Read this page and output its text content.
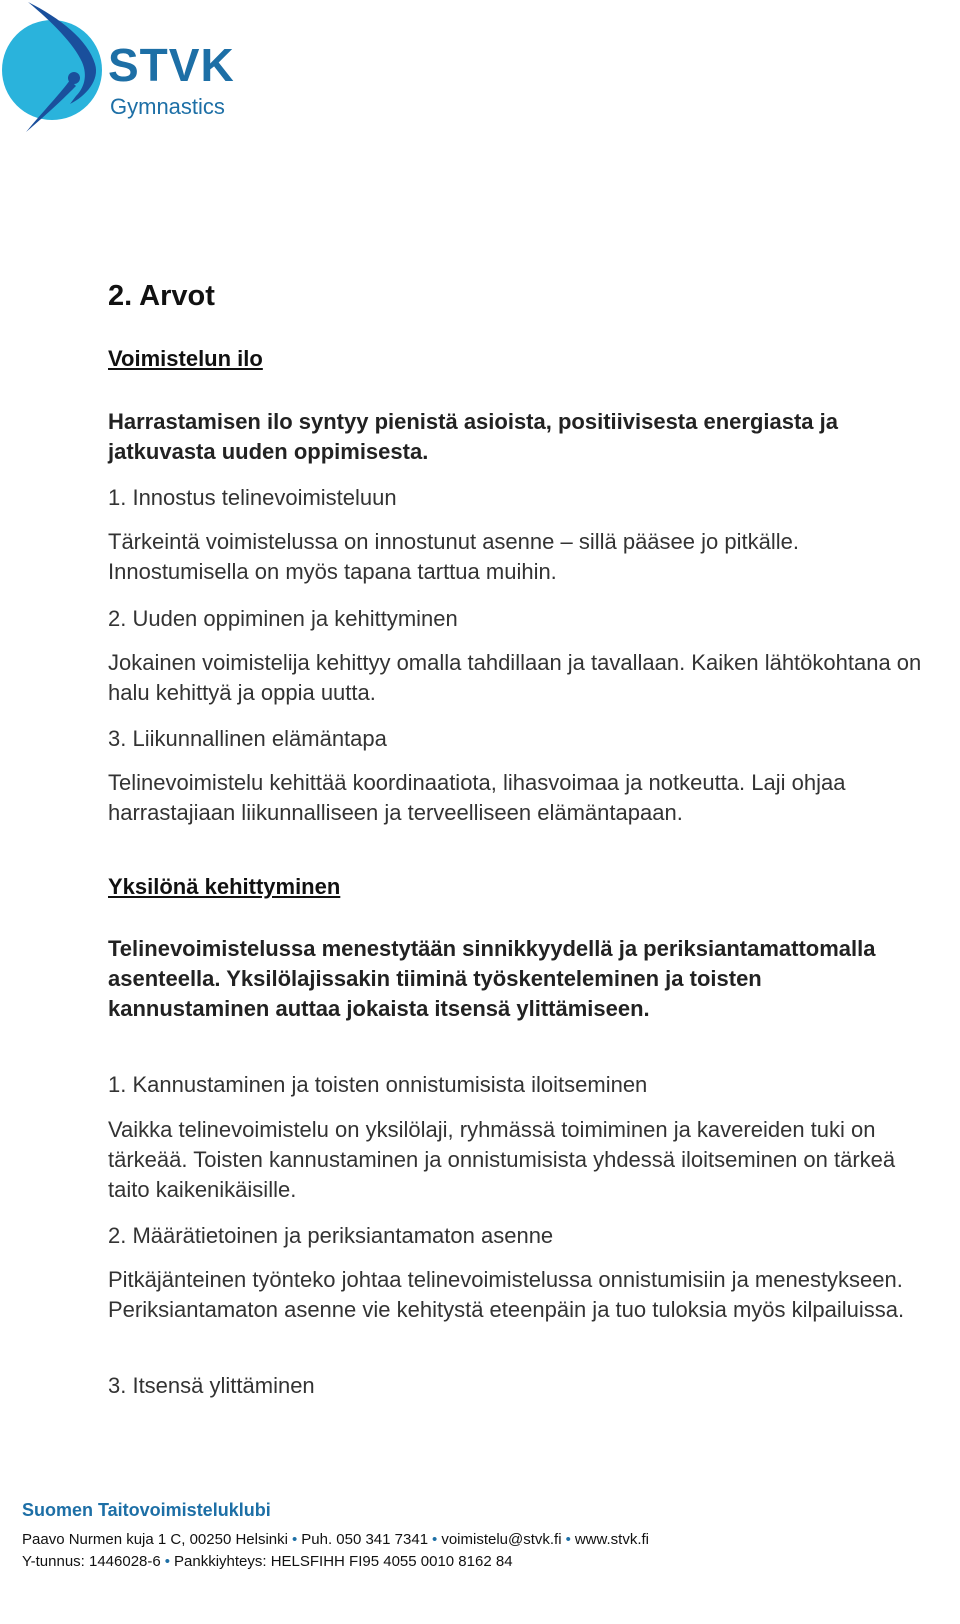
STVK
Gymnastics
2. Arvot
Voimistelun ilo
Harrastamisen ilo syntyy pienistä asioista, positiivisesta energiasta ja jatkuvasta uuden oppimisesta.
1. Innostus telinevoimisteluun
Tärkeintä voimistelussa on innostunut asenne – sillä pääsee jo pitkälle. Innostumisella on myös tapana tarttua muihin.
2. Uuden oppiminen ja kehittyminen
Jokainen voimistelija kehittyy omalla tahdillaan ja tavallaan. Kaiken lähtökohtana on halu kehittyä ja oppia uutta.
3. Liikunnallinen elämäntapa
Telinevoimistelu kehittää koordinaatiota, lihasvoimaa ja notkeutta. Laji ohjaa harrastajiaan liikunnalliseen ja terveelliseen elämäntapaan.
Yksilönä kehittyminen
Telinevoimistelussa menestytään sinnikkyydellä ja periksiantamattomalla asenteella. Yksilölajissakin tiiminä työskenteleminen ja toisten kannustaminen auttaa jokaista itsensä ylittämiseen.
1. Kannustaminen ja toisten onnistumisista iloitseminen
Vaikka telinevoimistelu on yksilölaji, ryhmässä toimiminen ja kavereiden tuki on tärkeää. Toisten kannustaminen ja onnistumisista yhdessä iloitseminen on tärkeä taito kaikenikäisille.
2. Määrätietoinen ja periksiantamaton asenne
Pitkäjänteinen työnteko johtaa telinevoimistelussa onnistumisiin ja menestykseen. Periksiantamaton asenne vie kehitystä eteenpäin ja tuo tuloksia myös kilpailuissa.
3. Itsensä ylittäminen
Suomen Taitovoimisteluklubi
Paavo Nurmen kuja 1 C, 00250 Helsinki • Puh. 050 341 7341 • voimistelu@stvk.fi • www.stvk.fi
Y-tunnus: 1446028-6 • Pankkiyhteys: HELSFIHH FI95 4055 0010 8162 84
